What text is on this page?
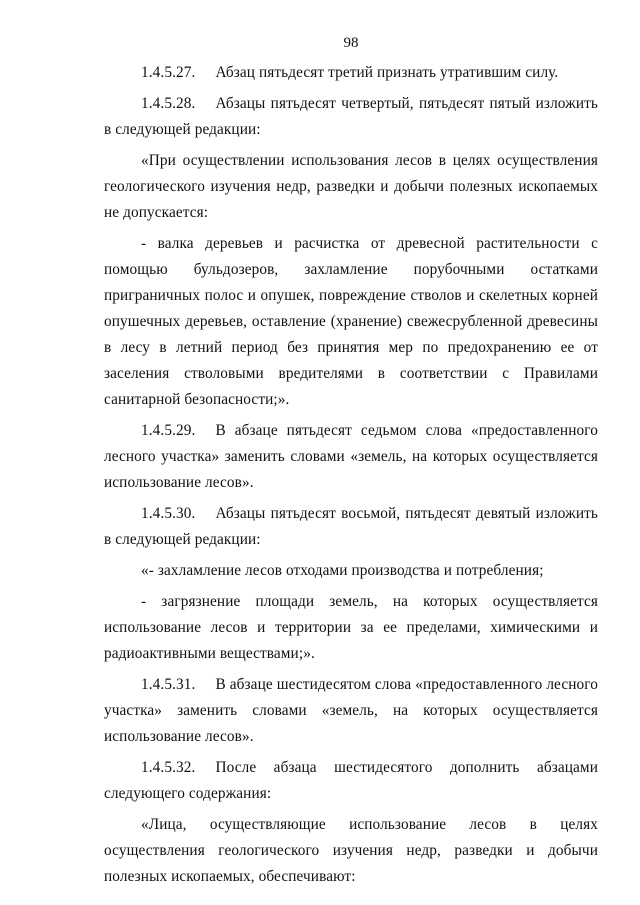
98

1.4.5.27. Абзац пятьдесят третий признать утратившим силу.

1.4.5.28. Абзацы пятьдесят четвертый, пятьдесят пятый изложить в следующей редакции:

«При осуществлении использования лесов в целях осуществления геологического изучения недр, разведки и добычи полезных ископаемых не допускается:

- валка деревьев и расчистка от древесной растительности с помощью бульдозеров, захламление порубочными остатками приграничных полос и опушек, повреждение стволов и скелетных корней опушечных деревьев, оставление (хранение) свежесрубленной древесины в лесу в летний период без принятия мер по предохранению ее от заселения стволовыми вредителями в соответствии с Правилами санитарной безопасности;».

1.4.5.29. В абзаце пятьдесят седьмом слова «предоставленного лесного участка» заменить словами «земель, на которых осуществляется использование лесов».

1.4.5.30. Абзацы пятьдесят восьмой, пятьдесят девятый изложить в следующей редакции:

«- захламление лесов отходами производства и потребления;

- загрязнение площади земель, на которых осуществляется использование лесов и территории за ее пределами, химическими и радиоактивными веществами;».

1.4.5.31. В абзаце шестидесятом слова «предоставленного лесного участка» заменить словами «земель, на которых осуществляется использование лесов».

1.4.5.32. После абзаца шестидесятого дополнить абзацами следующего содержания:

«Лица, осуществляющие использование лесов в целях осуществления геологического изучения недр, разведки и добычи полезных ископаемых, обеспечивают:
